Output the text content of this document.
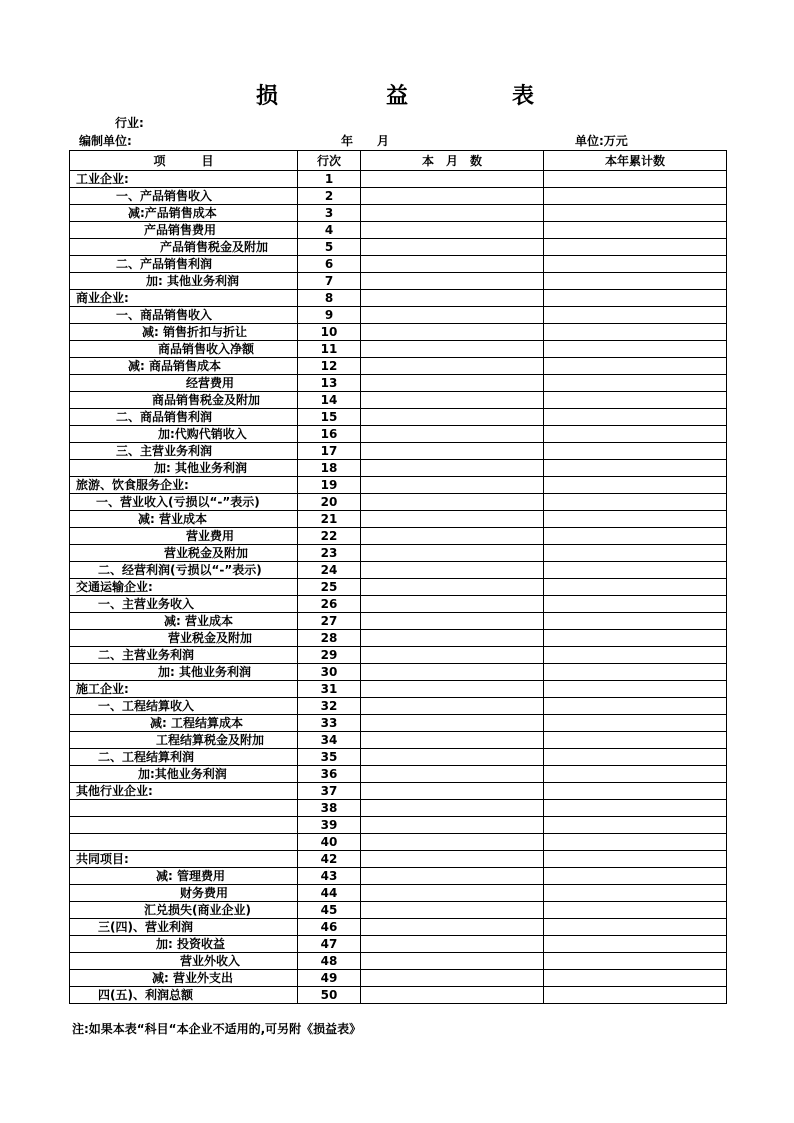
损	益	表
行业:
编制单位:	年 月	单位:万元
项　　　目	行次	本　月　数	本年累计数
工业企业:	1		
一、产品销售收入	2		
减:产品销售成本	3		
产品销售费用	4		
产品销售税金及附加	5		
二、产品销售利润	6		
加: 其他业务利润	7		
商业企业:	8		
一、商品销售收入	9		
减: 销售折扣与折让	10		
商品销售收入净额	11		
减: 商品销售成本	12		
经营费用	13		
商品销售税金及附加	14		
二、商品销售利润	15		
加:代购代销收入	16		
三、主营业务利润	17		
加: 其他业务利润	18		
旅游、饮食服务企业:	19		
一、营业收入(亏损以“-”表示)	20		
减: 营业成本	21		
营业费用	22		
营业税金及附加	23		
二、经营利润(亏损以“-”表示)	24		
交通运输企业:	25		
一、主营业务收入	26		
减: 营业成本	27		
营业税金及附加	28		
二、主营业务利润	29		
加: 其他业务利润	30		
施工企业:	31		
一、工程结算收入	32		
减: 工程结算成本	33		
工程结算税金及附加	34		
二、工程结算利润	35		
加:其他业务利润	36		
其他行业企业:	37		
	38		
	39		
	40		
共同项目:	42		
减: 管理费用	43		
财务费用	44		
汇兑损失(商业企业)	45		
三(四)、营业利润	46		
加: 投资收益	47		
营业外收入	48		
减: 营业外支出	49		
四(五)、利润总额	50		
注:如果本表“科目“本企业不适用的,可另附《损益表》
